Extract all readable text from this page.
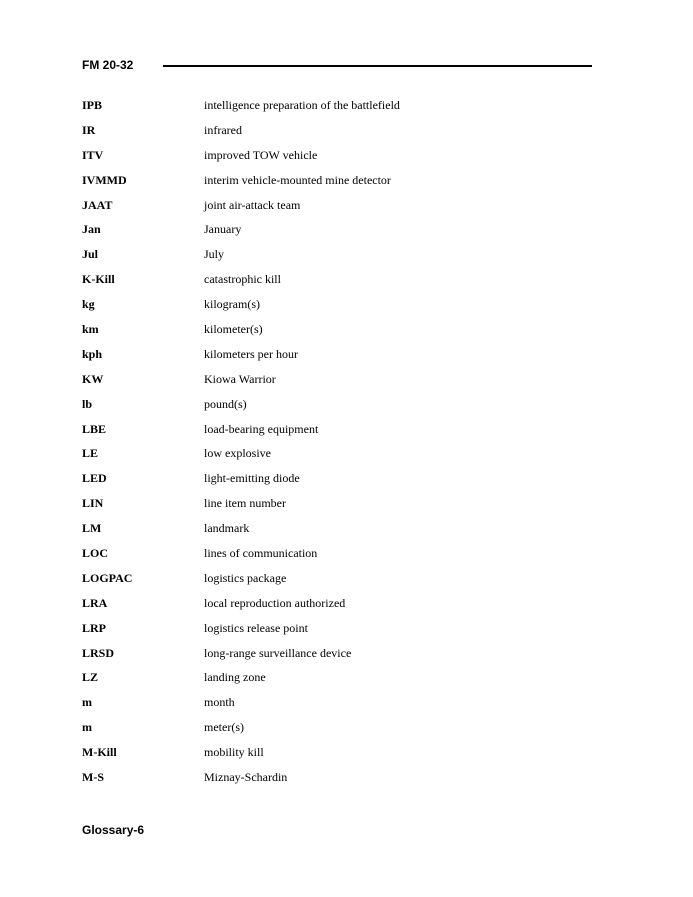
FM 20-32
IPB	intelligence preparation of the battlefield
IR	infrared
ITV	improved TOW vehicle
IVMMD	interim vehicle-mounted mine detector
JAAT	joint air-attack team
Jan	January
Jul	July
K-Kill	catastrophic kill
kg	kilogram(s)
km	kilometer(s)
kph	kilometers per hour
KW	Kiowa Warrior
lb	pound(s)
LBE	load-bearing equipment
LE	low explosive
LED	light-emitting diode
LIN	line item number
LM	landmark
LOC	lines of communication
LOGPAC	logistics package
LRA	local reproduction authorized
LRP	logistics release point
LRSD	long-range surveillance device
LZ	landing zone
m	month
m	meter(s)
M-Kill	mobility kill
M-S	Miznay-Schardin
Glossary-6
